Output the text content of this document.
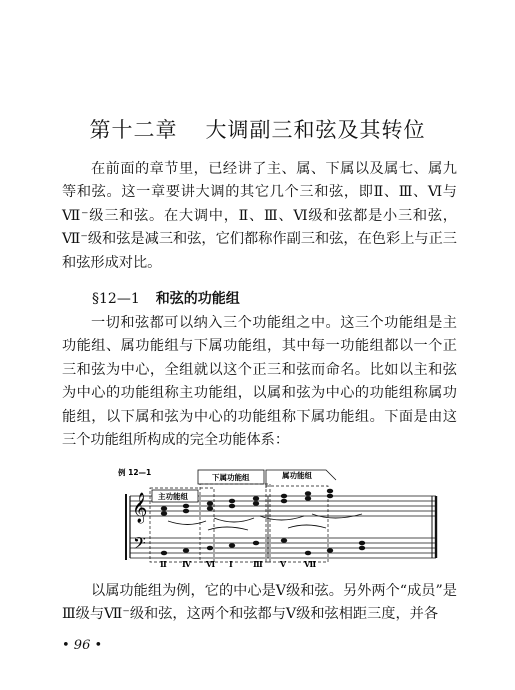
第十二章 大调副三和弦及其转位

在前面的章节里，已经讲了主、属、下属以及属七、属九等和弦。这一章要讲大调的其它几个三和弦，即Ⅱ、Ⅲ、Ⅵ与Ⅶ⁻级三和弦。在大调中，Ⅱ、Ⅲ、Ⅵ级和弦都是小三和弦，Ⅶ⁻级和弦是减三和弦，它们都称作副三和弦，在色彩上与正三和弦形成对比。

§12—1 和弦的功能组

一切和弦都可以纳入三个功能组之中。这三个功能组是主功能组、属功能组与下属功能组，其中每一功能组都以一个正三和弦为中心，全组就以这个正三和弦而命名。比如以主和弦为中心的功能组称主功能组，以属和弦为中心的功能组称属功能组，以下属和弦为中心的功能组称下属功能组。下面是由这三个功能组所构成的完全功能体系：

例 12—1
下属功能组	属功能组
𝄞
𝄢
主功能组
Ⅱ Ⅳ Ⅵ Ⅰ	Ⅲ Ⅴ Ⅶ

以属功能组为例，它的中心是Ⅴ级和弦。另外两个“成员”是Ⅲ级与Ⅶ⁻级和弦，这两个和弦都与Ⅴ级和弦相距三度，并各

• 96 •
